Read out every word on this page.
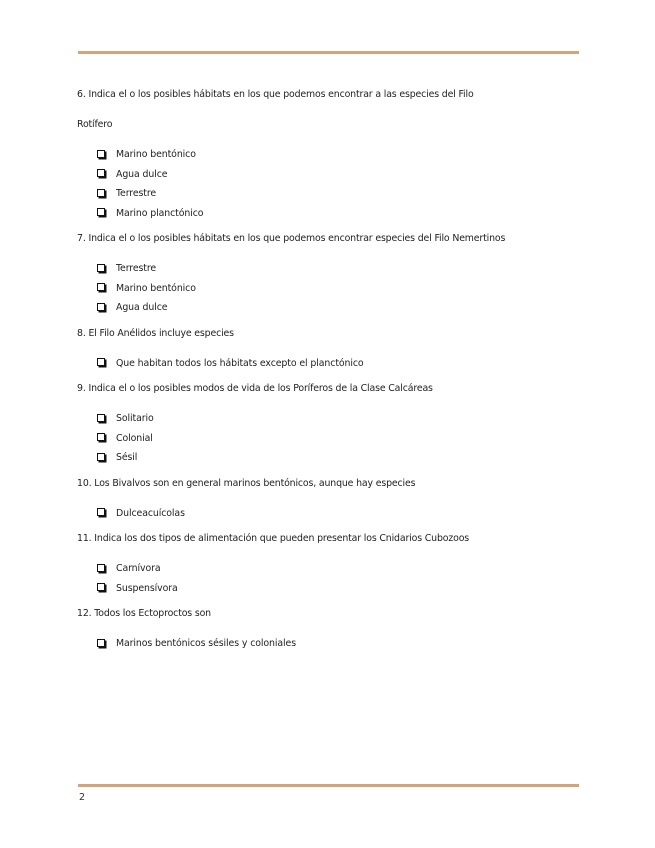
6. Indica el o los posibles hábitats en los que podemos encontrar a las especies del Filo

Rotífero

Marino bentónico
Agua dulce
Terrestre
Marino planctónico

7. Indica el o los posibles hábitats en los que podemos encontrar especies del Filo Nemertinos

Terrestre
Marino bentónico
Agua dulce

8. El Filo Anélidos incluye especies

Que habitan todos los hábitats excepto el planctónico

9. Indica el o los posibles modos de vida de los Poríferos de la Clase Calcáreas

Solitario
Colonial
Sésil

10. Los Bivalvos son en general marinos bentónicos, aunque hay especies

Dulceacuícolas

11. Indica los dos tipos de alimentación que pueden presentar los Cnidarios Cubozoos

Carnívora
Suspensívora

12. Todos los Ectoproctos son

Marinos bentónicos sésiles y coloniales
2
